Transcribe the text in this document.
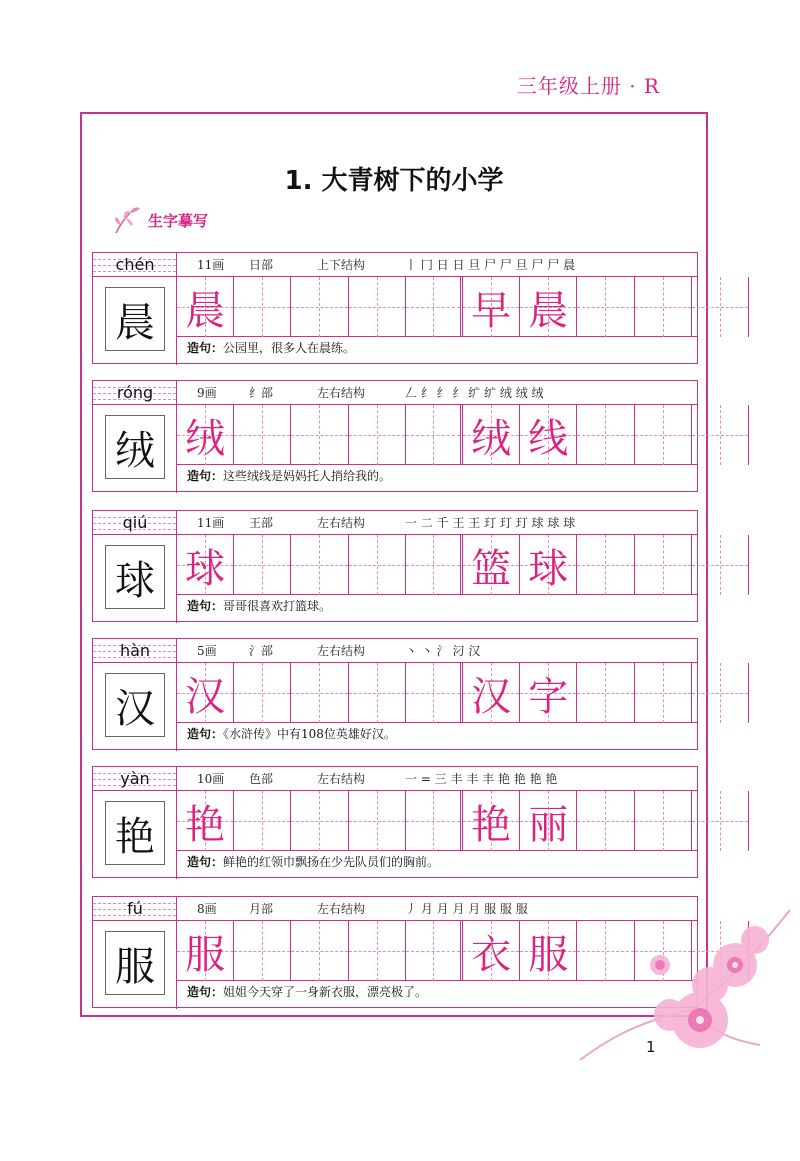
三年级上册 · R
1. 大青树下的小学
生字摹写
chén	11画 日部	上下结构	丨 冂 日 日 旦 尸 尸 旦 尸 尸 晨
晨 晨	早 晨
造句：公园里，很多人在晨练。
róng	9画	纟部	左右结构	𠃋 纟 纟 纟 纩 纩 绒 绒 绒
绒 绒	绒 线
造句：这些绒线是妈妈托人捎给我的。
qiú	11画 王部	左右结构	一 二 千 王 王 玎 玎 玎 球 球 球
球 球	篮 球
造句：哥哥很喜欢打篮球。
hàn	5画	氵部	左右结构	丶 丶 氵 汈 汉
汉 汉	汉 字
造句：《水浒传》中有108位英雄好汉。
yàn	10画 色部	左右结构	一 = 三 丰 丰 丰 艳 艳 艳 艳
艳 艳	艳 丽
造句：鲜艳的红领巾飘扬在少先队员们的胸前。
fú	8画	月部	左右结构	丿 月 月 月 月 服 服 服
服 服	衣 服
造句：姐姐今天穿了一身新衣服，漂亮极了。
1
